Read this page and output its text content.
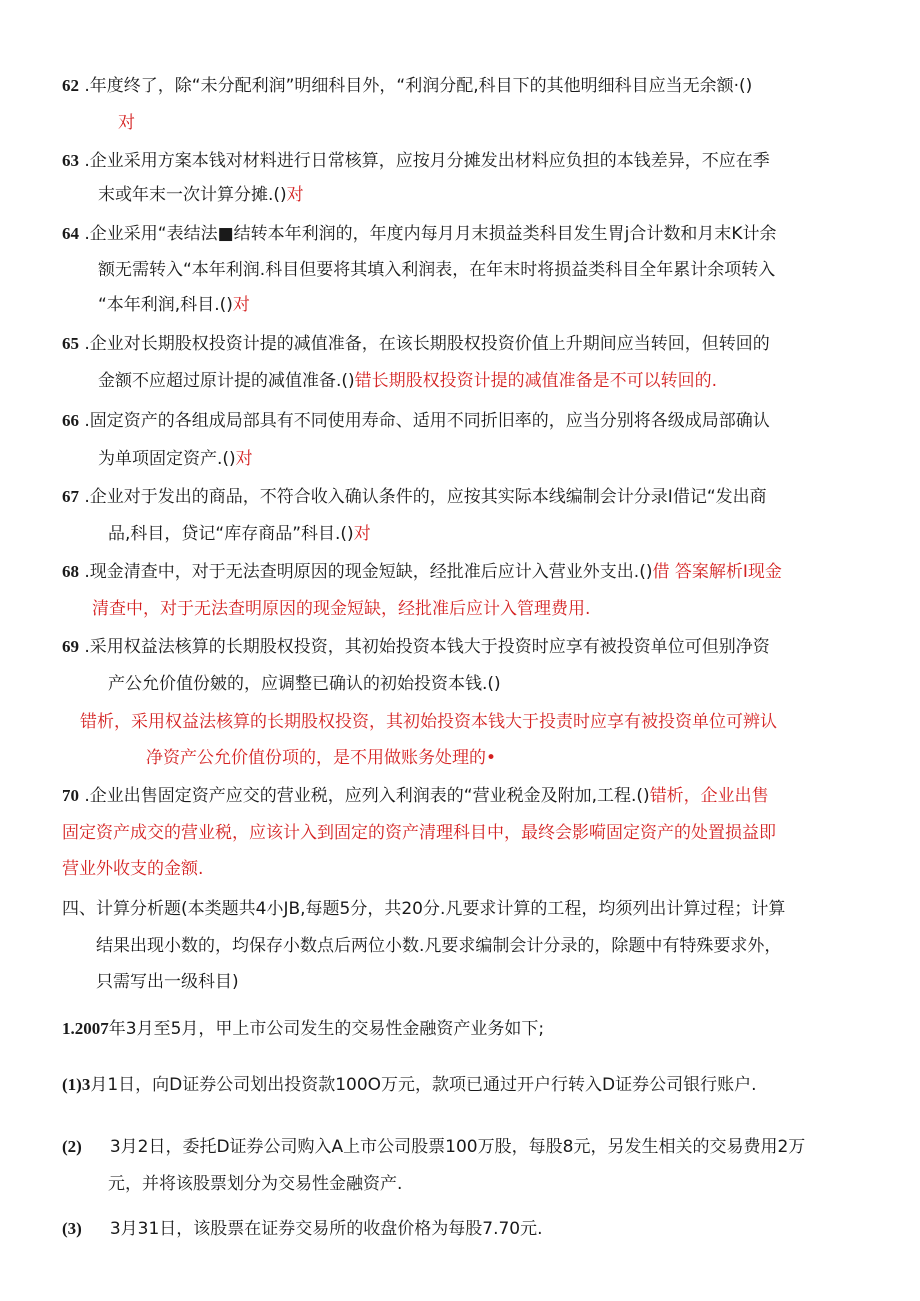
62 .年度终了，除“未分配利润”明细科目外，“利润分配,科目下的其他明细科目应当无余额·()
对
63 .企业采用方案本钱对材料进行日常核算，应按月分摊发出材料应负担的本钱差异，不应在季
末或年末一次计算分摊.()对
64 .企业采用“表结法■结转本年利润的，年度内每月月末损益类科目发生胃j合计数和月末K计余
额无需转入“本年利润.科目但要将其填入利润表，在年末时将损益类科目全年累计余项转入
“本年利润,科目.()对
65 .企业对长期股权投资计提的减值准备，在该长期股权投资价值上升期间应当转回，但转回的
金额不应超过原计提的减值准备.()错长期股权投资计提的减值准备是不可以转回的.
66 .固定资产的各组成局部具有不同使用寿命、适用不同折旧率的，应当分别将各级成局部确认
为单项固定资产.()对
67 .企业对于发出的商品，不符合收入确认条件的，应按其实际本线编制会计分录I借记“发出商
品,科目，贷记“库存商品”科目.()对
68 .现金清查中，对于无法查明原因的现金短缺，经批准后应计入营业外支出.()借 答案解析I现金
清查中，对于无法查明原因的现金短缺，经批准后应计入管理费用.
69 .采用权益法核算的长期股权投资，其初始投资本钱大于投资时应享有被投资单位可但别净资
产公允价值份皴的，应调整已确认的初始投资本钱.()
错析，采用权益法核算的长期股权投资，其初始投资本钱大于投责时应享有被投资单位可辨认
净资产公允价值份项的，是不用做账务处理的•
70 .企业出售固定资产应交的营业税，应列入利润表的“营业税金及附加,工程.()错析，企业出售
固定资产成交的营业税，应该计入到固定的资产清理科目中，最终会影嗬固定资产的处置损益即
营业外收支的金额.
四、计算分析题(本类题共4小JB,每题5分，共20分.凡要求计算的工程，均须列出计算过程；计算
结果出现小数的，均保存小数点后两位小数.凡要求编制会计分录的，除题中有特殊要求外，
只需写出一级科目)
1.2007年3月至5月，甲上市公司发生的交易性金融资产业务如下;
(1)3月1日，向D证券公司划出投资款100O万元，款项已通过开户行转入D证券公司银行账户.
(2) 3月2日，委托D证券公司购入A上市公司股票100万股，每股8元，另发生相关的交易费用2万
元，并将该股票划分为交易性金融资产.
(3) 3月31日，该股票在证券交易所的收盘价格为每股7.70元.
